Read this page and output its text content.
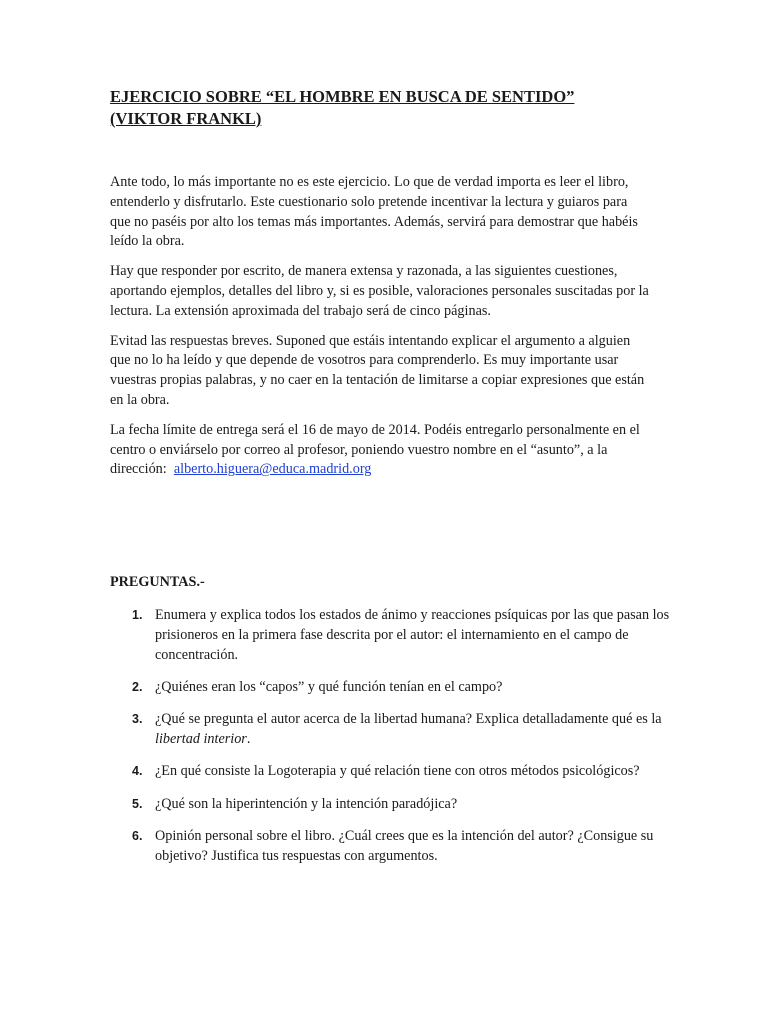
EJERCICIO SOBRE “EL HOMBRE EN BUSCA DE SENTIDO”
(VIKTOR FRANKL)

Ante todo, lo más importante no es este ejercicio. Lo que de verdad importa es leer el libro, entenderlo y disfrutarlo. Este cuestionario solo pretende incentivar la lectura y guiaros para que no paséis por alto los temas más importantes. Además, servirá para demostrar que habéis leído la obra.

Hay que responder por escrito, de manera extensa y razonada, a las siguientes cuestiones, aportando ejemplos, detalles del libro y, si es posible, valoraciones personales suscitadas por la lectura. La extensión aproximada del trabajo será de cinco páginas.

Evitad las respuestas breves. Suponed que estáis intentando explicar el argumento a alguien que no lo ha leído y que depende de vosotros para comprenderlo. Es muy importante usar vuestras propias palabras, y no caer en la tentación de limitarse a copiar expresiones que están en la obra.

La fecha límite de entrega será el 16 de mayo de 2014. Podéis entregarlo personalmente en el centro o enviárselo por correo al profesor, poniendo vuestro nombre en el “asunto”, a la dirección: alberto.higuera@educa.madrid.org

PREGUNTAS.-
1. Enumera y explica todos los estados de ánimo y reacciones psíquicas por las que pasan los prisioneros en la primera fase descrita por el autor: el internamiento en el campo de concentración.
2. ¿Quiénes eran los “capos” y qué función tenían en el campo?
3. ¿Qué se pregunta el autor acerca de la libertad humana? Explica detalladamente qué es la libertad interior.
4. ¿En qué consiste la Logoterapia y qué relación tiene con otros métodos psicológicos?
5. ¿Qué son la hiperintención y la intención paradójica?
6. Opinión personal sobre el libro. ¿Cuál crees que es la intención del autor? ¿Consigue su objetivo? Justifica tus respuestas con argumentos.
